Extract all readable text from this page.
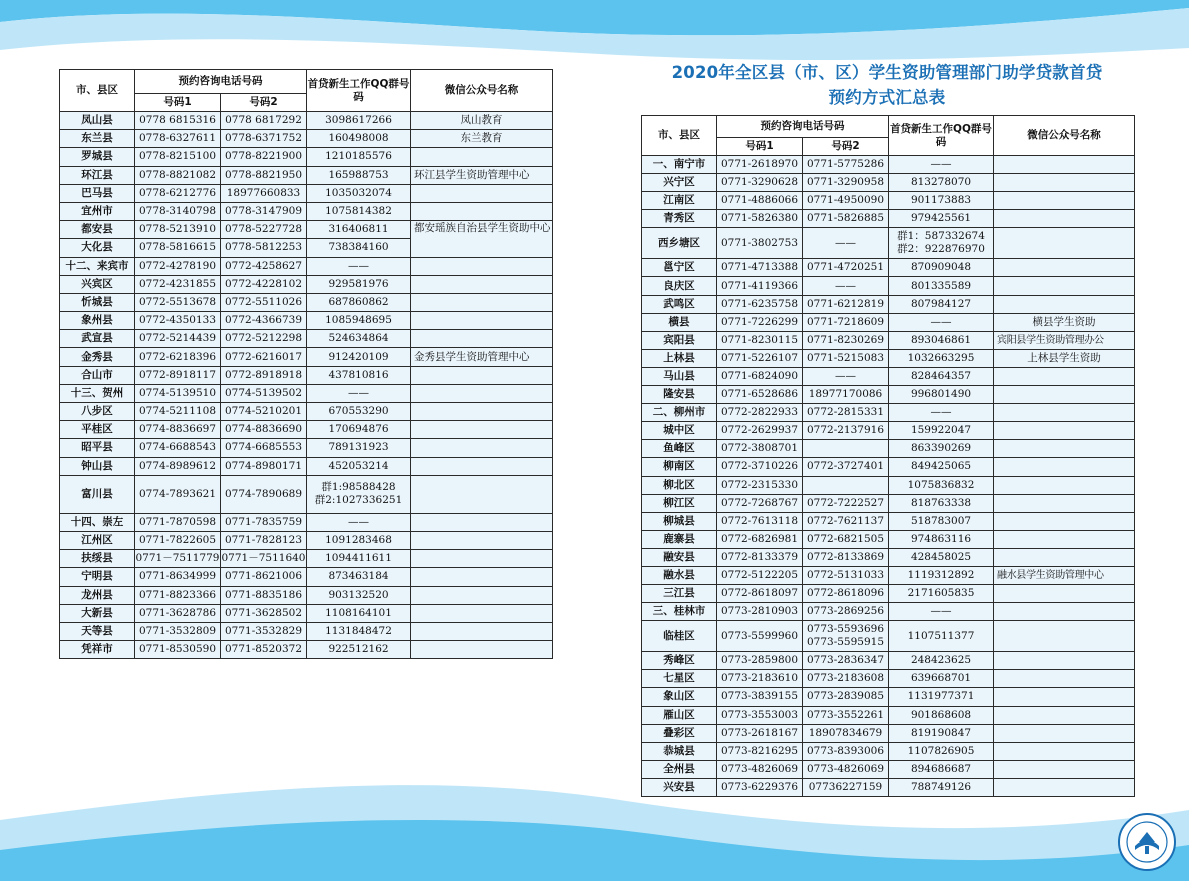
2020年全区县（市、区）学生资助管理部门助学贷款首贷
预约方式汇总表
市、县区	预约咨询电话号码		首贷新生工作QQ群号码	微信公众号名称
	号码1	号码2		
凤山县	0778 6815316	0778 6817292	3098617266	凤山教育
东兰县	0778-6327611	0778-6371752	160498008	东兰教育
罗城县	0778-8215100	0778-8221900	1210185576	
环江县	0778-8821082	0778-8821950	165988753	环江县学生资助管理中心
巴马县	0778-6212776	18977660833	1035032074	
宜州市	0778-3140798	0778-3147909	1075814382	
都安县	0778-5213910	0778-5227728	316406811	都安瑶族自治县学生资助中心
大化县	0778-5816615	0778-5812253	738384160	
十二、来宾市	0772-4278190	0772-4258627	——	
兴宾区	0772-4231855	0772-4228102	929581976	
忻城县	0772-5513678	0772-5511026	687860862	
象州县	0772-4350133	0772-4366739	1085948695	
武宣县	0772-5214439	0772-5212298	524634864	
金秀县	0772-6218396	0772-6216017	912420109	金秀县学生资助管理中心
合山市	0772-8918117	0772-8918918	437810816	
十三、贺州	0774-5139510	0774-5139502	——	
八步区	0774-5211108	0774-5210201	670553290	
平桂区	0774-8836697	0774-8836690	170694876	
昭平县	0774-6688543	0774-6685553	789131923	
钟山县	0774-8989612	0774-8980171	452053214	
富川县	0774-7893621	0774-7890689	群1:98588428
群2:1027336251	

十四、崇左	0771-7870598	0771-7835759	——	
江州区	0771-7822605	0771-7828123	1091283468	
扶绥县	0771－7511779	0771－7511640	1094411611	
宁明县	0771-8634999	0771-8621006	873463184	
龙州县	0771-8823366	0771-8835186	903132520	
大新县	0771-3628786	0771-3628502	1108164101	
天等县	0771-3532809	0771-3532829	1131848472	
凭祥市	0771-8530590	0771-8520372	922512162	
市、县区	预约咨询电话号码		首贷新生工作QQ群号码	微信公众号名称
	号码1	号码2		
一、南宁市	0771-2618970	0771-5775286	——	
兴宁区	0771-3290628	0771-3290958	813278070	
江南区	0771-4886066	0771-4950090	901173883	
青秀区	0771-5826380	0771-5826885	979425561	
西乡塘区	0771-3802753	——	群1：587332674
群2：922876970	

邕宁区	0771-4713388	0771-4720251	870909048	
良庆区	0771-4119366	——	801335589	
武鸣区	0771-6235758	0771-6212819	807984127	
横县	0771-7226299	0771-7218609	——	横县学生资助
宾阳县	0771-8230115	0771-8230269	893046861	宾阳县学生资助管理办公
上林县	0771-5226107	0771-5215083	1032663295	上林县学生资助
马山县	0771-6824090	——	828464357	
隆安县	0771-6528686	18977170086	996801490	
二、柳州市	0772-2822933	0772-2815331	——	
城中区	0772-2629937	0772-2137916	159922047	
鱼峰区	0772-3808701		863390269	
柳南区	0772-3710226	0772-3727401	849425065	
柳北区	0772-2315330		1075836832	
柳江区	0772-7268767	0772-7222527	818763338	
柳城县	0772-7613118	0772-7621137	518783007	
鹿寨县	0772-6826981	0772-6821505	974863116	
融安县	0772-8133379	0772-8133869	428458025	
融水县	0772-5122205	0772-5131033	1119312892	融水县学生资助管理中心
三江县	0772-8618097	0772-8618096	2171605835	
三、桂林市	0773-2810903	0773-2869256	——	
临桂区	0773-5599960	0773-5593696
0773-5595915	1107511377	
秀峰区	0773-2859800	0773-2836347	248423625	
七星区	0773-2183610	0773-2183608	639668701	
象山区	0773-3839155	0773-2839085	1131977371	
雁山区	0773-3553003	0773-3552261	901868608	
叠彩区	0773-2618167	18907834679	819190847	
恭城县	0773-8216295	0773-8393006	1107826905	
全州县	0773-4826069	0773-4826069	894686687	
兴安县	0773-6229376	07736227159	788749126	
